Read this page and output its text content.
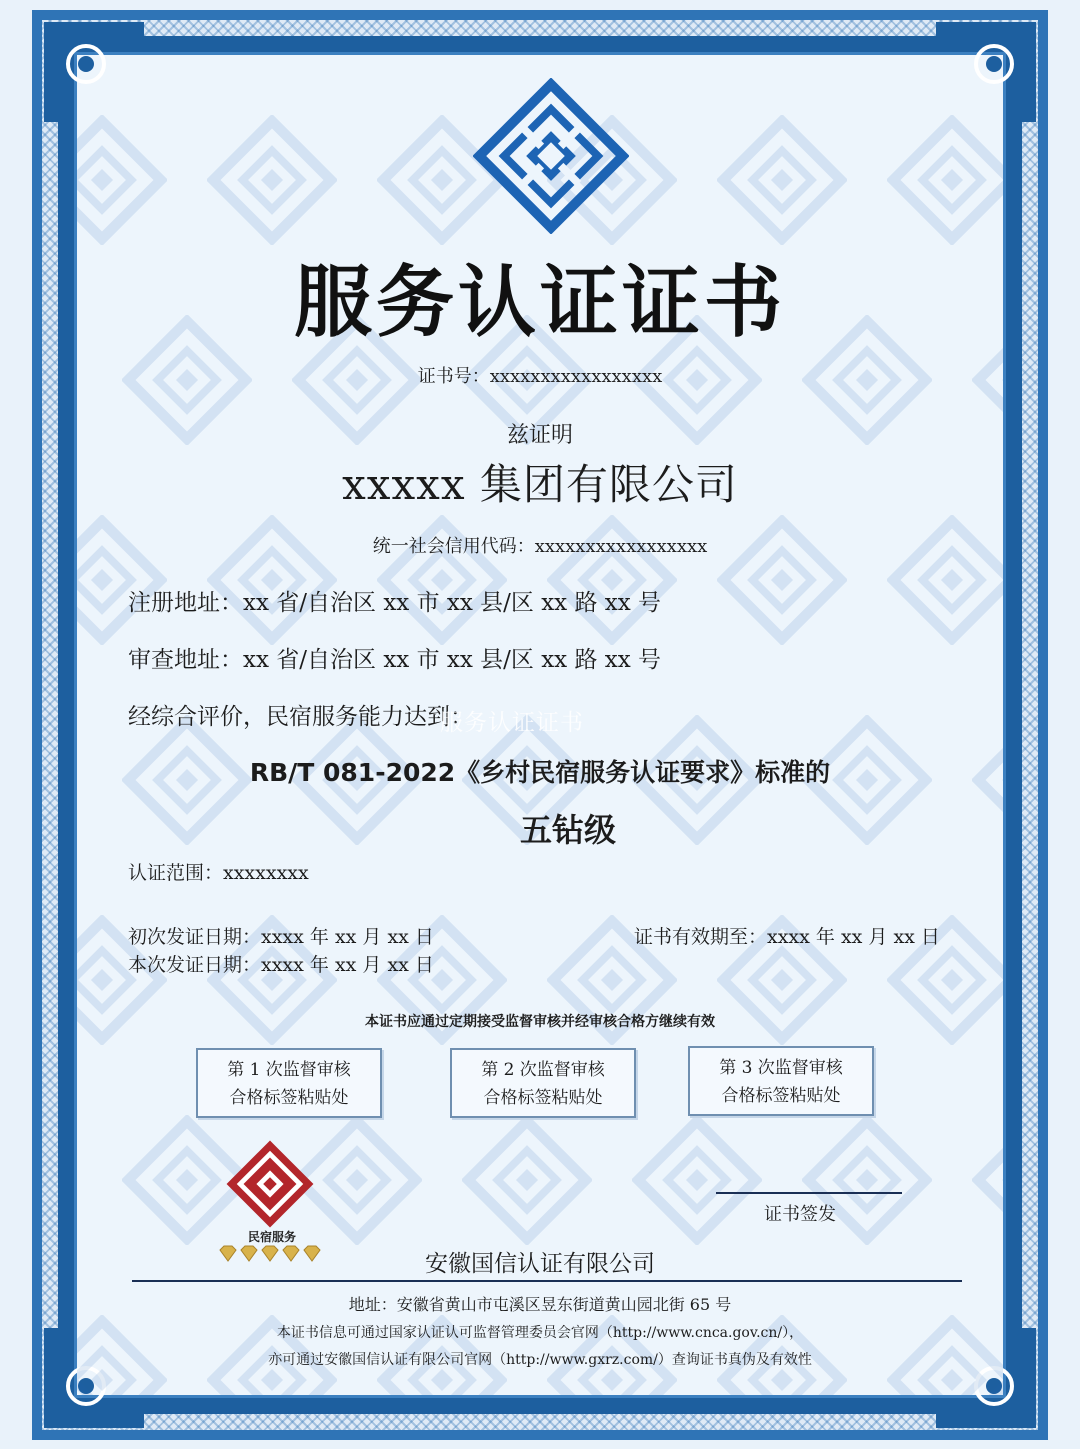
服务认证证书
证书号：xxxxxxxxxxxxxxxxx
兹证明
xxxxx 集团有限公司
统一社会信用代码：xxxxxxxxxxxxxxxxx
注册地址：xx 省/自治区 xx 市 xx 县/区 xx 路 xx 号
审查地址：xx 省/自治区 xx 市 xx 县/区 xx 路 xx 号
经综合评价，民宿服务能力达到：
服务认证证书
RB/T 081-2022《乡村民宿服务认证要求》标准的
五钻级
认证范围：xxxxxxxx
初次发证日期：xxxx 年 xx 月 xx 日
本次发证日期：xxxx 年 xx 月 xx 日
证书有效期至：xxxx 年 xx 月 xx 日
本证书应通过定期接受监督审核并经审核合格方继续有效
第 1 次监督审核
合格标签粘贴处
第 2 次监督审核
合格标签粘贴处
第 3 次监督审核
合格标签粘贴处
民宿服务
证书签发
安徽国信认证有限公司
地址：安徽省黄山市屯溪区昱东街道黄山园北街 65 号
本证书信息可通过国家认证认可监督管理委员会官网（http://www.cnca.gov.cn/），
亦可通过安徽国信认证有限公司官网（http://www.gxrz.com/）查询证书真伪及有效性
